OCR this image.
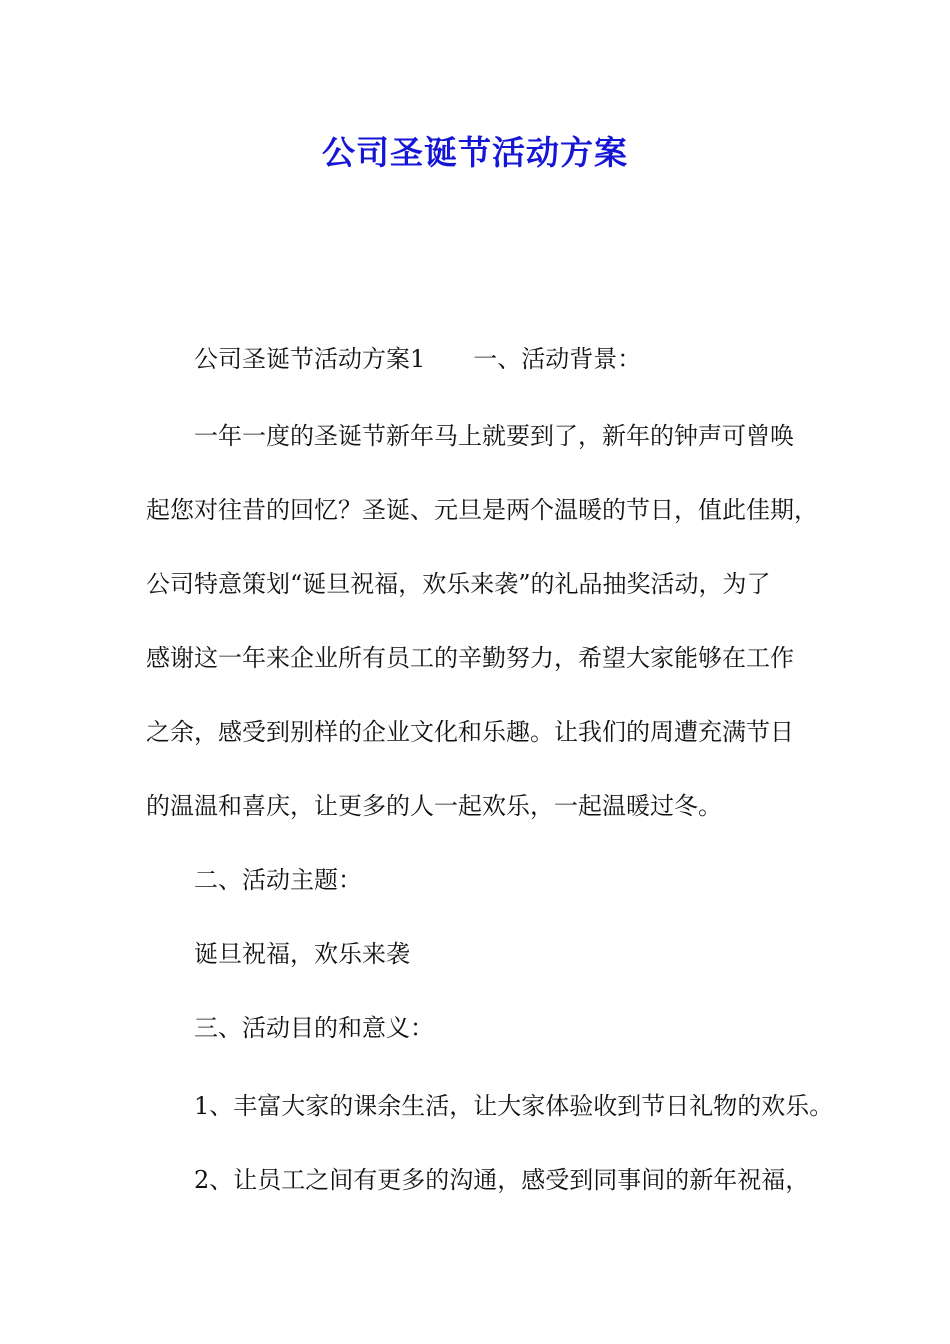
公司圣诞节活动方案

公司圣诞节活动方案1 一、活动背景：

一年一度的圣诞节新年马上就要到了，新年的钟声可曾唤

起您对往昔的回忆？圣诞、元旦是两个温暖的节日，值此佳期，

公司特意策划“诞旦祝福，欢乐来袭”的礼品抽奖活动，为了

感谢这一年来企业所有员工的辛勤努力，希望大家能够在工作

之余，感受到别样的企业文化和乐趣。让我们的周遭充满节日

的温温和喜庆，让更多的人一起欢乐，一起温暖过冬。

二、活动主题：

诞旦祝福，欢乐来袭

三、活动目的和意义：

1、丰富大家的课余生活，让大家体验收到节日礼物的欢乐。

2、让员工之间有更多的沟通，感受到同事间的新年祝福，
